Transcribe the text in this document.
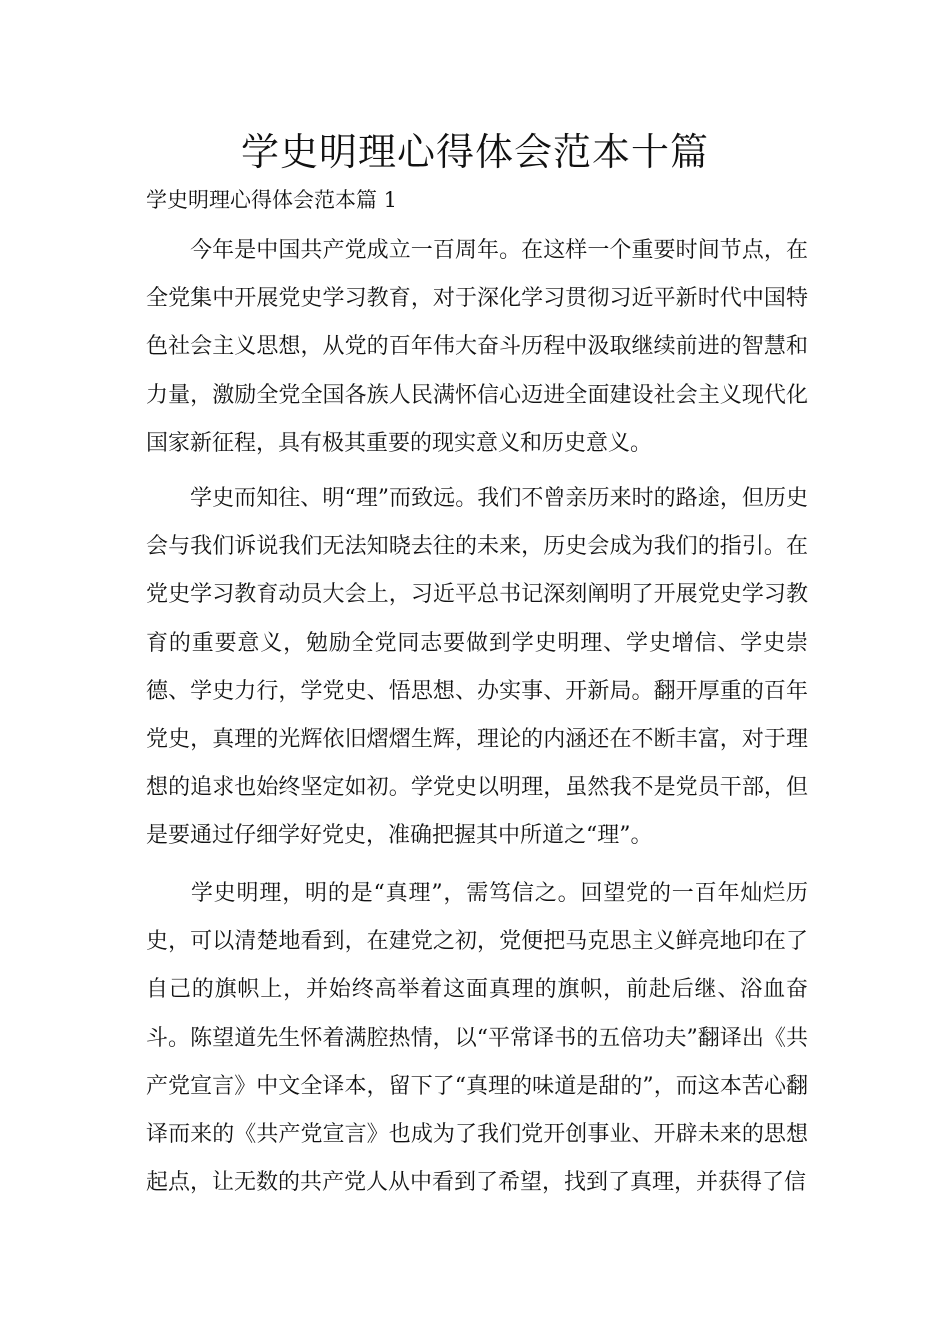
学史明理心得体会范本十篇

学史明理心得体会范本篇 1

今年是中国共产党成立一百周年。在这样一个重要时间节点，在全党集中开展党史学习教育，对于深化学习贯彻习近平新时代中国特色社会主义思想，从党的百年伟大奋斗历程中汲取继续前进的智慧和力量，激励全党全国各族人民满怀信心迈进全面建设社会主义现代化国家新征程，具有极其重要的现实意义和历史意义。

学史而知往、明“理”而致远。我们不曾亲历来时的路途，但历史会与我们诉说我们无法知晓去往的未来，历史会成为我们的指引。在党史学习教育动员大会上，习近平总书记深刻阐明了开展党史学习教育的重要意义，勉励全党同志要做到学史明理、学史增信、学史崇德、学史力行，学党史、悟思想、办实事、开新局。翻开厚重的百年党史，真理的光辉依旧熠熠生辉，理论的内涵还在不断丰富，对于理想的追求也始终坚定如初。学党史以明理，虽然我不是党员干部，但是要通过仔细学好党史，准确把握其中所道之“理”。

学史明理，明的是“真理”，需笃信之。回望党的一百年灿烂历史，可以清楚地看到，在建党之初，党便把马克思主义鲜亮地印在了自己的旗帜上，并始终高举着这面真理的旗帜，前赴后继、浴血奋斗。陈望道先生怀着满腔热情，以“平常译书的五倍功夫”翻译出《共产党宣言》中文全译本，留下了“真理的味道是甜的”，而这本苦心翻译而来的《共产党宣言》也成为了我们党开创事业、开辟未来的思想起点，让无数的共产党人从中看到了希望，找到了真理，并获得了信
